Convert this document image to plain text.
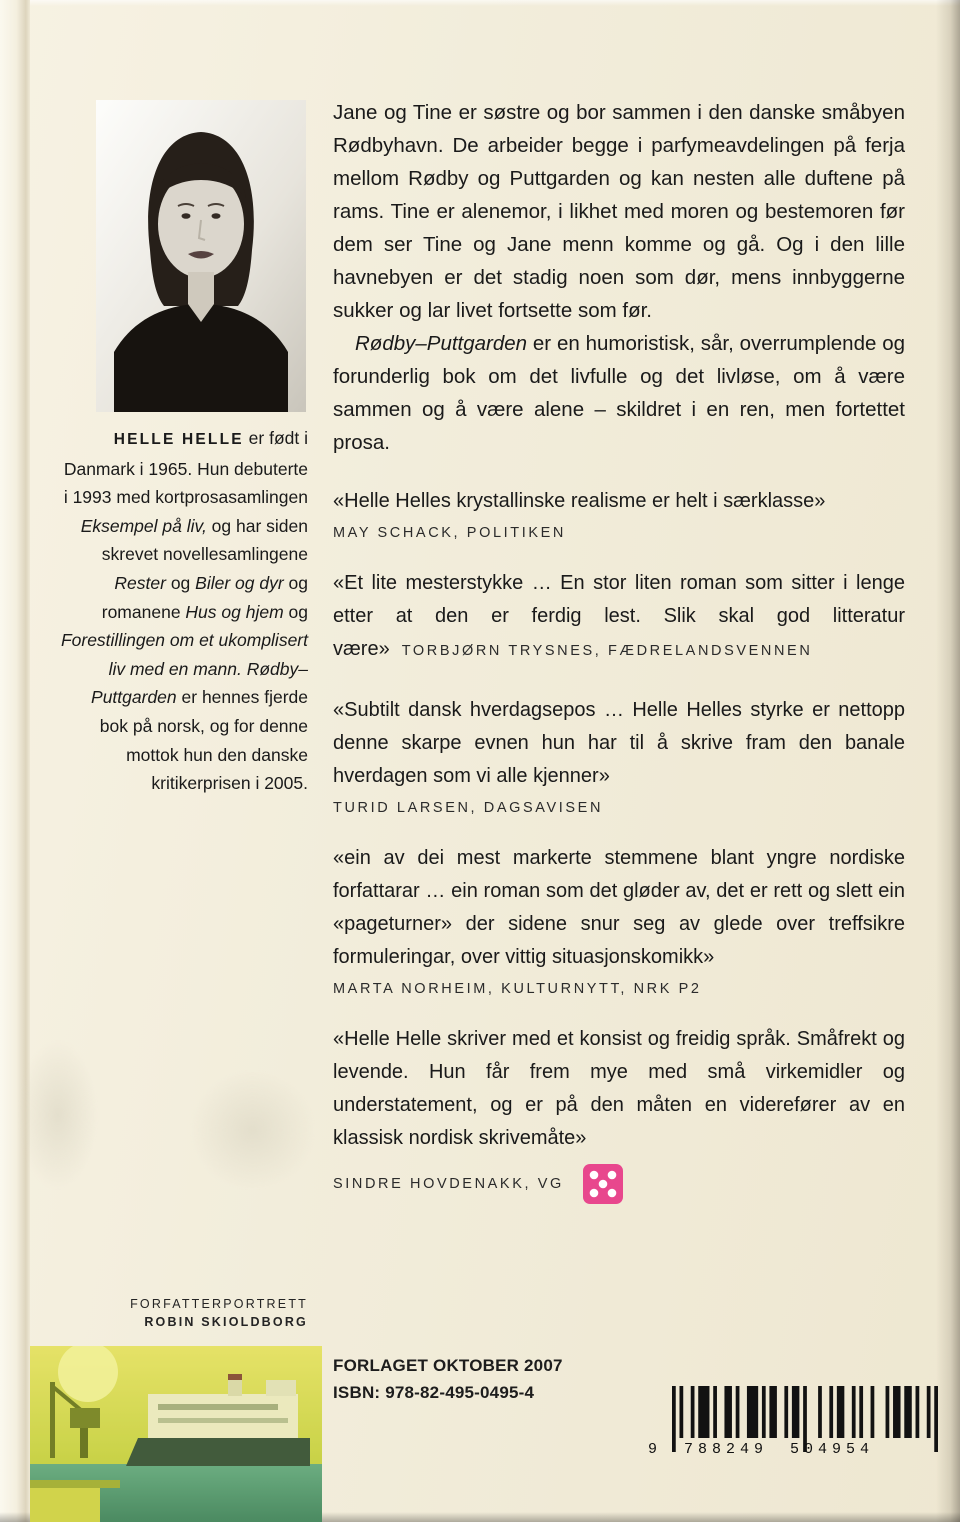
HELLE HELLE er født i Danmark i 1965. Hun debuterte i 1993 med kortprosasamlingen Eksempel på liv, og har siden skrevet novellesamlingene Rester og Biler og dyr og romanene Hus og hjem og Forestillingen om et ukomplisert liv med en mann. Rødby–Puttgarden er hennes fjerde bok på norsk, og for denne mottok hun den danske kritikerprisen i 2005.

FORFATTERPORTRETT
ROBIN SKIOLDBORG

Jane og Tine er søstre og bor sammen i den danske småbyen Rødbyhavn. De arbeider begge i parfymeavdelingen på ferja mellom Rødby og Puttgarden og kan nesten alle duftene på rams. Tine er alenemor, i likhet med moren og bestemoren før dem ser Tine og Jane menn komme og gå. Og i den lille havnebyen er det stadig noen som dør, mens innbyggerne sukker og lar livet fortsette som før.

Rødby–Puttgarden er en humoristisk, sår, overrumplende og forunderlig bok om det livfulle og det livløse, om å være sammen og å være alene – skildret i en ren, men fortettet prosa.

«Helle Helles krystallinske realisme er helt i særklasse»

MAY SCHACK, POLITIKEN

«Et lite mesterstykke … En stor liten roman som sitter i lenge etter at den er ferdig lest. Slik skal god litteratur være» TORBJØRN TRYSNES, FÆDRELANDSVENNEN

«Subtilt dansk hverdagsepos … Helle Helles styrke er nettopp denne skarpe evnen hun har til å skrive fram den banale hverdagen som vi alle kjenner»

TURID LARSEN, DAGSAVISEN

«ein av dei mest markerte stemmene blant yngre nordiske forfattarar … ein roman som det gløder av, det er rett og slett ein «pageturner» der sidene snur seg av glede over treffsikre formuleringar, over vittig situasjonskomikk»

MARTA NORHEIM, KULTURNYTT, NRK P2

«Helle Helle skriver med et konsist og freidig språk. Småfrekt og levende. Hun får frem mye med små virkemidler og understatement, og er på den måten en viderefører av en klassisk nordisk skrivemåte»

SINDRE HOVDENAKK, VG
FORLAGET OKTOBER 2007
ISBN: 978-82-495-0495-4
9 788249 504954
